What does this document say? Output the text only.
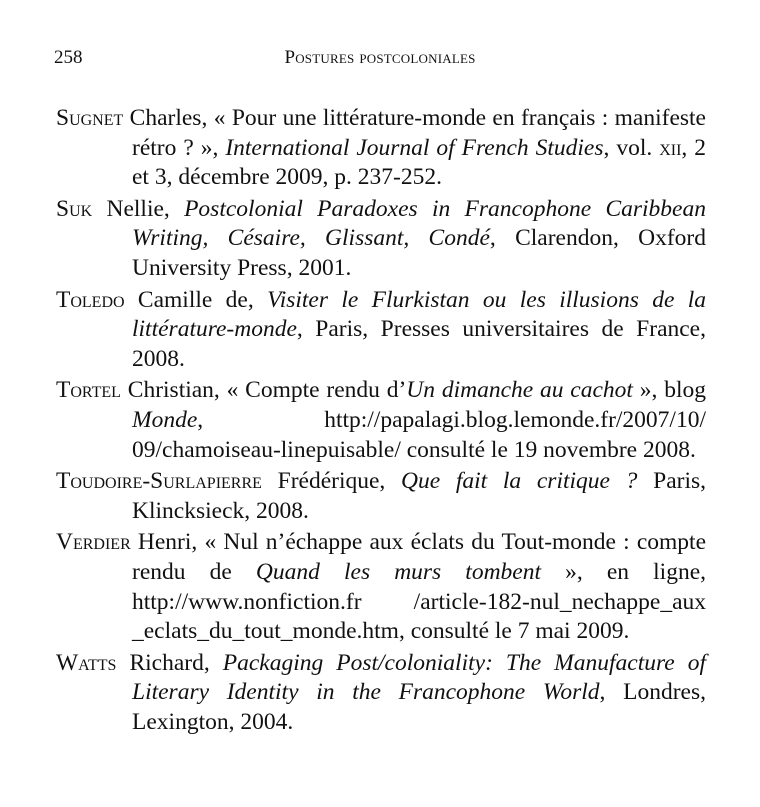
258	Postures postcoloniales

Sugnet Charles, « Pour une littérature-monde en français : manifeste rétro ? », International Journal of French Studies, vol. xii, 2 et 3, décembre 2009, p. 237-252.

Suk Nellie, Postcolonial Paradoxes in Francophone Caribbean Writing, Césaire, Glissant, Condé, Clarendon, Oxford University Press, 2001.

Toledo Camille de, Visiter le Flurkistan ou les illusions de la littérature-monde, Paris, Presses universitaires de France, 2008.

Tortel Christian, « Compte rendu d’Un dimanche au cachot », blog Monde, http://papalagi.blog.lemonde.fr/2007/10/ 09/chamoiseau-linepuisable/ consulté le 19 novembre 2008.

Toudoire-Surlapierre Frédérique, Que fait la critique ? Paris, Klincksieck, 2008.

Verdier Henri, « Nul n’échappe aux éclats du Tout-monde : compte rendu de Quand les murs tombent », en ligne, http://www.nonfiction.fr /article-182-nul_nechappe_aux _eclats_du_tout_monde.htm, consulté le 7 mai 2009.

Watts Richard, Packaging Post/coloniality: The Manufacture of Literary Identity in the Francophone World, Londres, Lexington, 2004.
